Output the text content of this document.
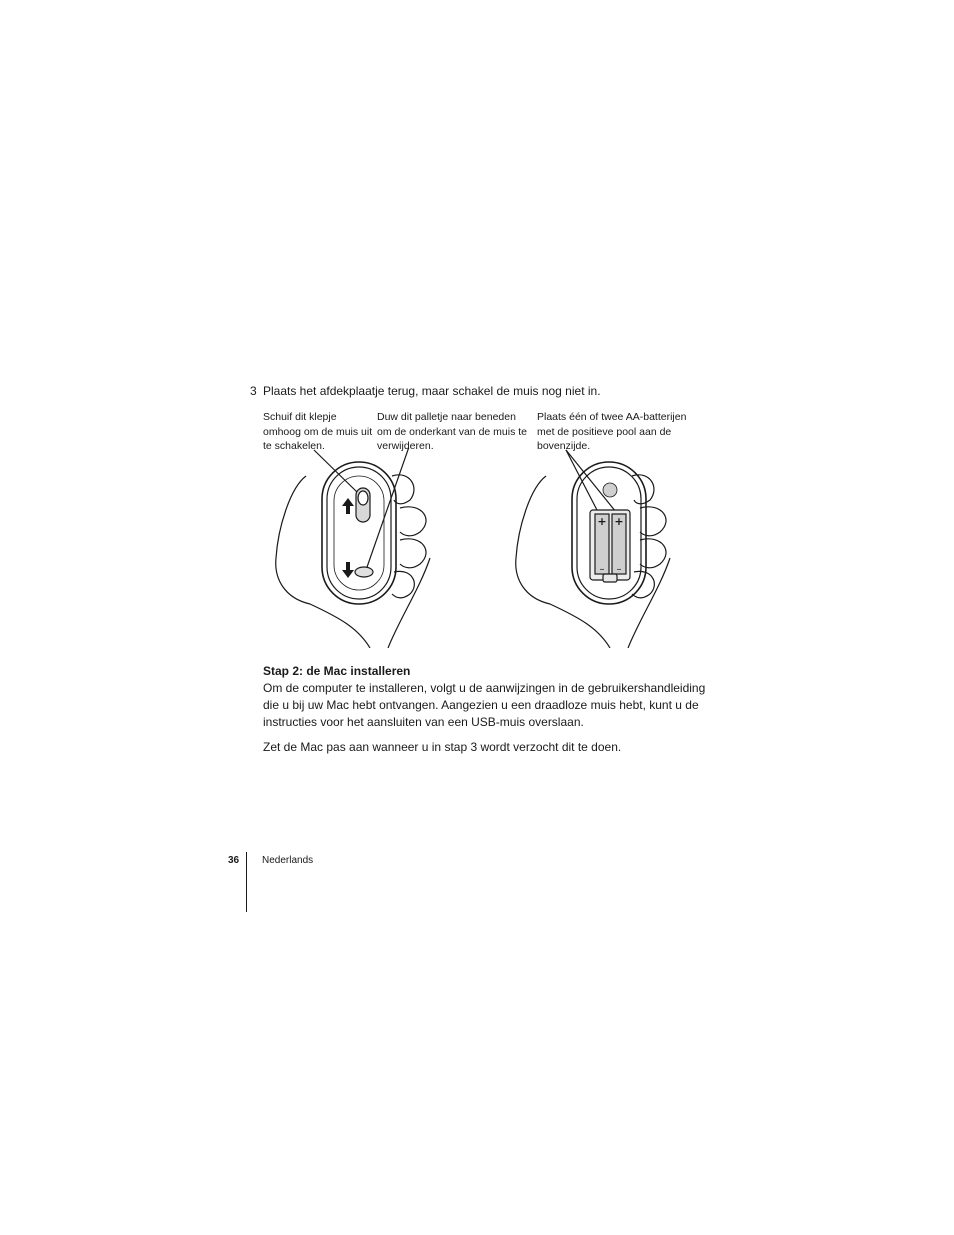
3 Plaats het afdekplaatje terug, maar schakel de muis nog niet in.
Schuif dit klepje omhoog om de muis uit te schakelen.
Duw dit palletje naar beneden om de onderkant van de muis te verwijderen.
Plaats één of twee AA-batterijen met de positieve pool aan de bovenzijde.
+ +
– –
Stap 2: de Mac installeren
Om de computer te installeren, volgt u de aanwijzingen in de gebruikershandleiding die u bij uw Mac hebt ontvangen. Aangezien u een draadloze muis hebt, kunt u de instructies voor het aansluiten van een USB-muis overslaan.
Zet de Mac pas aan wanneer u in stap 3 wordt verzocht dit te doen.
36 Nederlands
